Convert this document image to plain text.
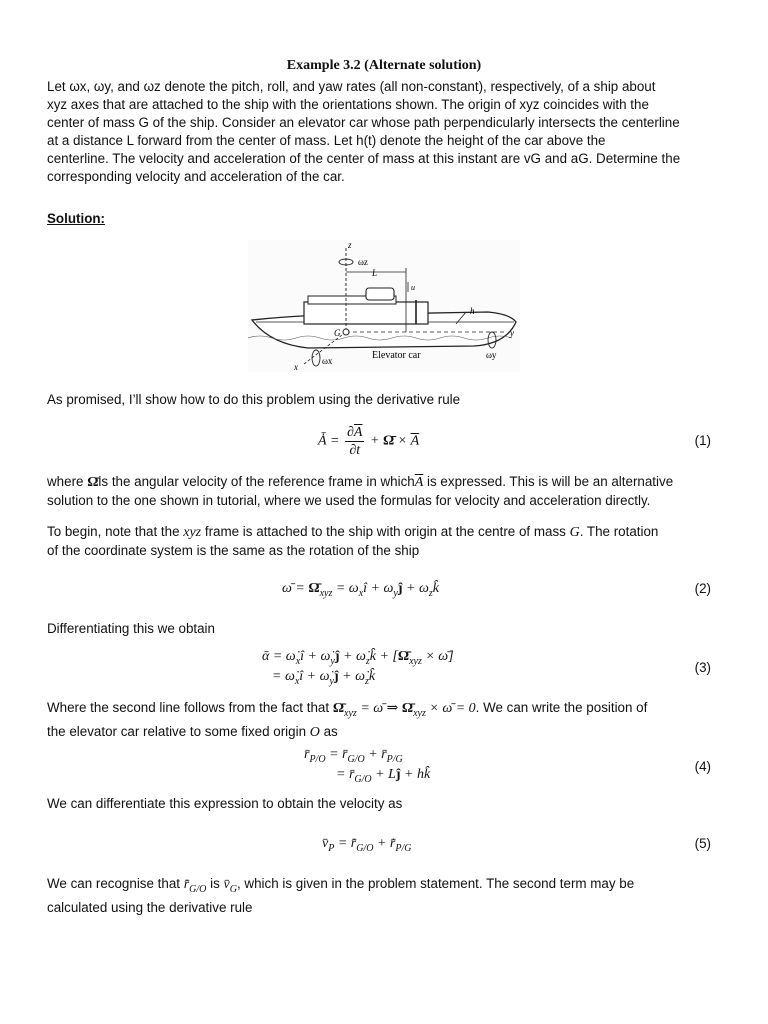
Example 3.2 (Alternate solution)
Let ωx, ωy, and ωz denote the pitch, roll, and yaw rates (all non-constant), respectively, of a ship about
xyz axes that are attached to the ship with the orientations shown. The origin of xyz coincides with the
center of mass G of the ship. Consider an elevator car whose path perpendicularly intersects the centerline
at a distance L forward from the center of mass. Let h(t) denote the height of the car above the
centerline. The velocity and acceleration of the center of mass at this instant are vG and aG. Determine the
corresponding velocity and acceleration of the car.
Solution:
z
ωz
L
u
h
G	y
ωy
x
ωx	Elevator car
As promised, I’ll show how to do this problem using the derivative rule
Ǡ = $\frac{\partial\overline{A}}{\partial t}$ + Ω̄ × $\overline{A}$	(1)
where Ω̄is the angular velocity of the reference frame in $which\overline{A}$ is expressed. This is will be an alternative
solution to the one shown in tutorial, where we used the formulas for velocity and acceleration directly.
To begin, note that the xyz frame is attached to the ship with origin at the centre of mass G. The rotation
of the coordinate system is the same as the rotation of the ship
ω̄ = $\Omegā_{xyz}$ = $\omega_xî$ + $\omega_yĵ$ + $\omega_zk̂$	(2)
Differentiating this we obtain
ᾱ = $\omegȧ_xî$ + $\omegȧ_yĵ$ + $\omegȧ_zk̂$ + [$\Omegā_{xyz}$ × ω̄]
= $\omegȧ_xî$ + $\omegȧ_yĵ$ + $\omegȧ_zk̂$
(3)
Where the second line follows from the fact that $\Omegā_{xyz}$ = ω̄ ⇒ $\Omegā_{xyz}$ × ω̄ = 0. We can write the position of
the elevator car relative to some fixed origin O as
$r̄_{P/O}$ = $r̄_{G/O}$ + $r̄_{P/G}$
= $r̄_{G/O}$ + Lĵ + hk̂
(4)
We can differentiate this expression to obtain the velocity as
$v̄_P$ = $r̄̇_{G/O}$ + $r̄̇_{P/G}$	(5)
We can recognise that $r̄̇_{G/O}$ is $v̄_G$, which is given in the problem statement. The second term may be
calculated using the derivative rule
